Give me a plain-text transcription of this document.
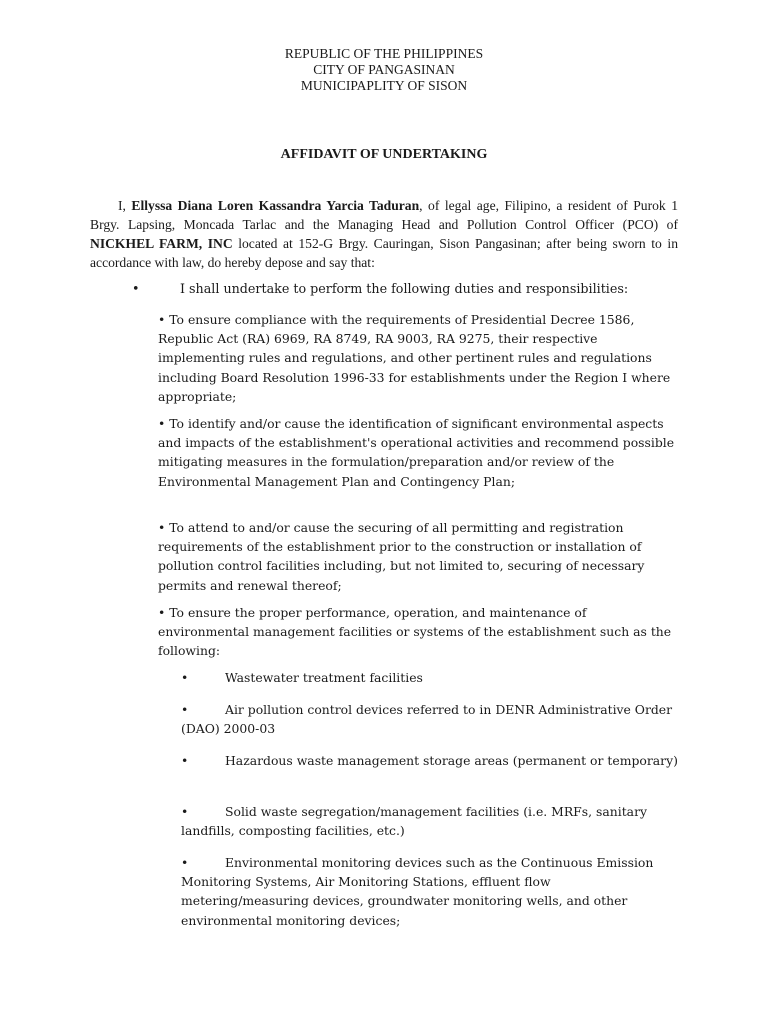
REPUBLIC OF THE PHILIPPINES
CITY OF PANGASINAN
MUNICIPAPLITY OF SISON
AFFIDAVIT OF UNDERTAKING
I, Ellyssa Diana Loren Kassandra Yarcia Taduran, of legal age, Filipino, a resident of Purok 1 Brgy. Lapsing, Moncada Tarlac and the Managing Head and Pollution Control Officer (PCO) of NICKHEL FARM, INC located at 152-G Brgy. Cauringan, Sison Pangasinan; after being sworn to in accordance with law, do hereby depose and say that:
•	I shall undertake to perform the following duties and responsibilities:
• To ensure compliance with the requirements of Presidential Decree 1586, Republic Act (RA) 6969, RA 8749, RA 9003, RA 9275, their respective implementing rules and regulations, and other pertinent rules and regulations including Board Resolution 1996-33 for establishments under the Region I where appropriate;
• To identify and/or cause the identification of significant environmental aspects and impacts of the establishment's operational activities and recommend possible mitigating measures in the formulation/preparation and/or review of the Environmental Management Plan and Contingency Plan;
• To attend to and/or cause the securing of all permitting and registration requirements of the establishment prior to the construction or installation of pollution control facilities including, but not limited to, securing of necessary permits and renewal thereof;
• To ensure the proper performance, operation, and maintenance of environmental management facilities or systems of the establishment such as the following:
•	Wastewater treatment facilities
•	Air pollution control devices referred to in DENR Administrative Order (DAO) 2000-03
•	Hazardous waste management storage areas (permanent or temporary)
•	Solid waste segregation/management facilities (i.e. MRFs, sanitary landfills, composting facilities, etc.)
•	Environmental monitoring devices such as the Continuous Emission Monitoring Systems, Air Monitoring Stations, effluent flow metering/measuring devices, groundwater monitoring wells, and other environmental monitoring devices;
